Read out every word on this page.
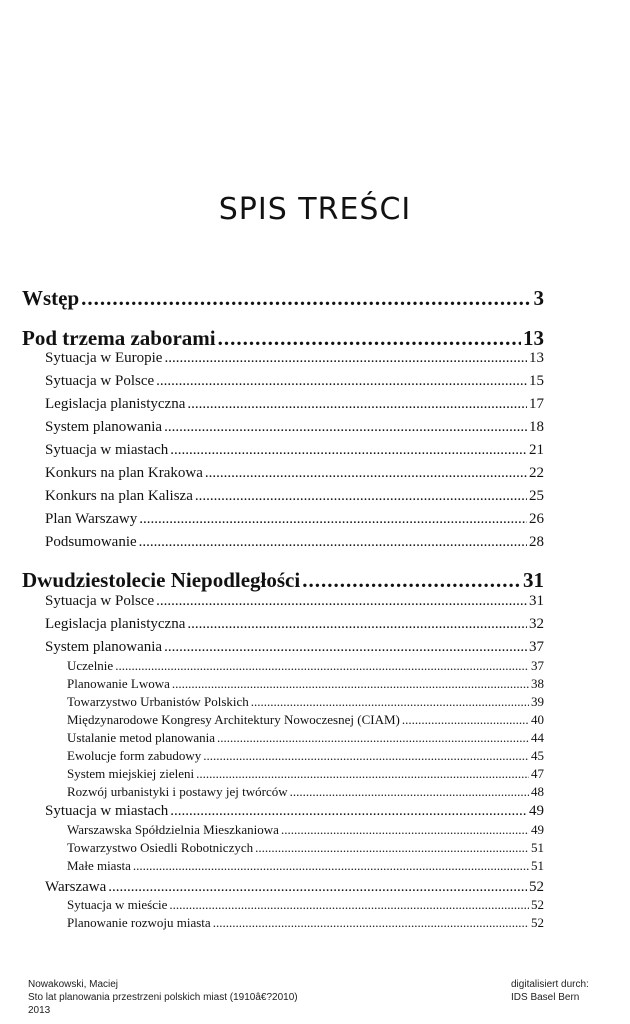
SPIS TREŚCI
Wstęp .....	3
Pod trzema zaborami .....	13
Sytuacja w Europie .....	13
Sytuacja w Polsce .....	15
Legislacja planistyczna .....	17
System planowania .....	18
Sytuacja w miastach .....	21
Konkurs na plan Krakowa .....	22
Konkurs na plan Kalisza .....	25
Plan Warszawy .....	26
Podsumowanie .....	28
Dwudziestolecie Niepodległości .....	31
Sytuacja w Polsce .....	31
Legislacja planistyczna .....	32
System planowania .....	37
Uczelnie .....	37
Planowanie Lwowa .....	38
Towarzystwo Urbanistów Polskich .....	39
Międzynarodowe Kongresy Architektury Nowoczesnej (CIAM) .....	40
Ustalanie metod planowania .....	44
Ewolucje form zabudowy .....	45
System miejskiej zieleni .....	47
Rozwój urbanistyki i postawy jej twórców .....	48
Sytuacja w miastach .....	49
Warszawska Spółdzielnia Mieszkaniowa .....	49
Towarzystwo Osiedli Robotniczych .....	51
Małe miasta .....	51
Warszawa .....	52
Sytuacja w mieście .....	52
Planowanie rozwoju miasta .....	52
Nowakowski, Maciej
Sto lat planowania przestrzeni polskich miast (1910â€?2010)
2013
digitalisiert durch:
IDS Basel Bern
